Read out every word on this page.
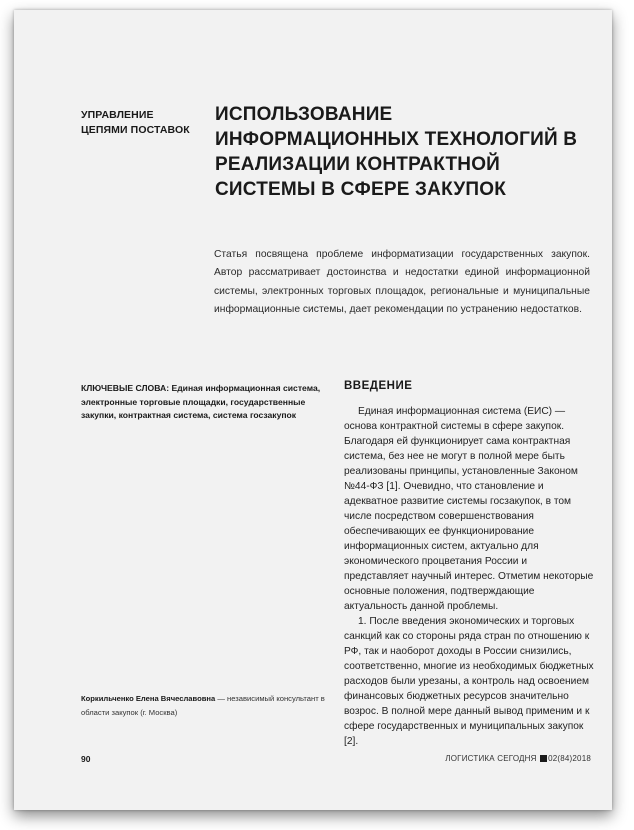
УПРАВЛЕНИЕ ЦЕПЯМИ ПОСТАВОК
ИСПОЛЬЗОВАНИЕ ИНФОРМАЦИОННЫХ ТЕХНОЛОГИЙ В РЕАЛИЗАЦИИ КОНТРАКТНОЙ СИСТЕМЫ В СФЕРЕ ЗАКУПОК
Статья посвящена проблеме информатизации государственных закупок. Автор рассматривает достоинства и недостатки единой информационной системы, электронных торговых площадок, региональные и муниципальные информационные системы, дает рекомендации по устранению недостатков.
КЛЮЧЕВЫЕ СЛОВА: Единая информационная система, электронные торговые площадки, государственные закупки, контрактная система, система госзакупок
Коркильченко Елена Вячеславовна — независимый консультант в области закупок (г. Москва)
ВВЕДЕНИЕ

Единая информационная система (ЕИС) — основа контрактной системы в сфере закупок. Благодаря ей функционирует сама контрактная система, без нее не могут в полной мере быть реализованы принципы, установленные Законом №44-ФЗ [1]. Очевидно, что становление и адекватное развитие системы госзакупок, в том числе посредством совершенствования обеспечивающих ее функционирование информационных систем, актуально для экономического процветания России и представляет научный интерес. Отметим некоторые основные положения, подтверждающие актуальность данной проблемы.

1. После введения экономических и торговых санкций как со стороны ряда стран по отношению к РФ, так и наоборот доходы в России снизились, соответственно, многие из необходимых бюджетных расходов были урезаны, а контроль над освоением финансовых бюджетных ресурсов значительно возрос. В полной мере данный вывод применим и к сфере государственных и муниципальных закупок [2].

90	ЛОГИСТИКА СЕГОДНЯ 02(84)2018
